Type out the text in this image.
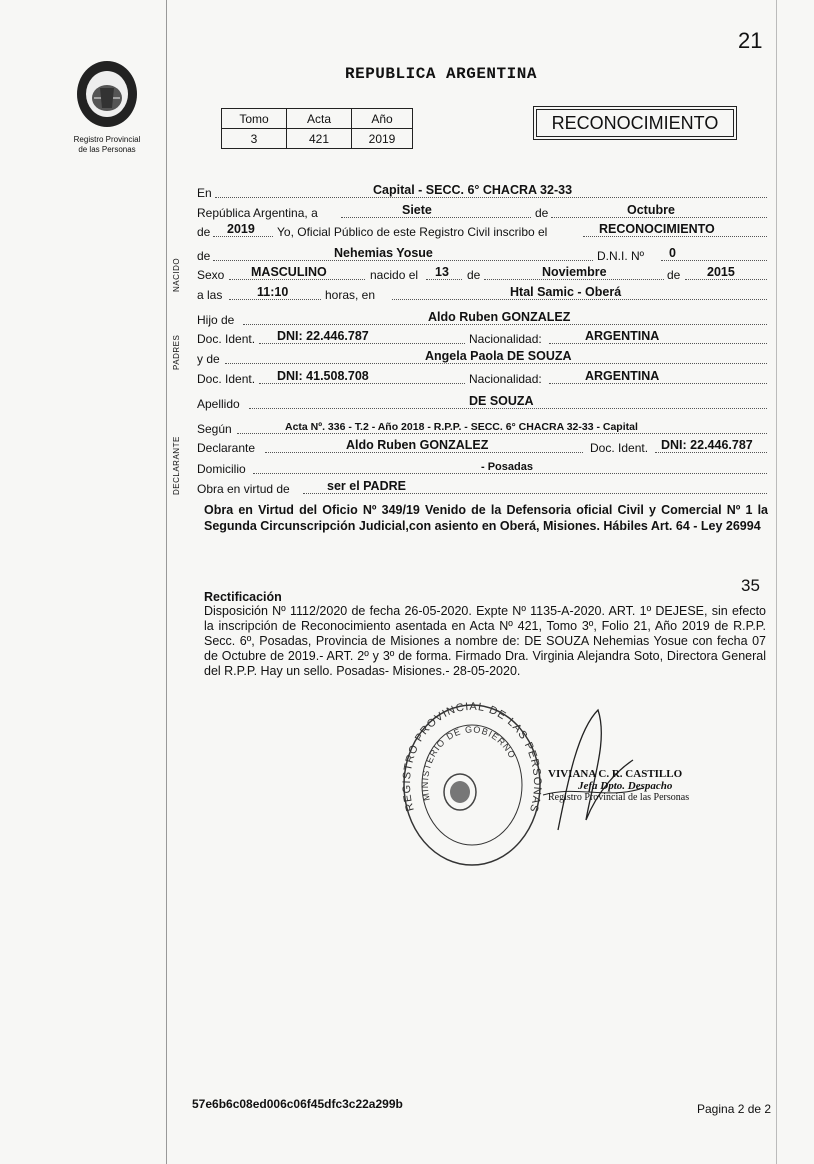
21
Registro Provincial
de las Personas
REPUBLICA ARGENTINA
Tomo	Acta	Año
3	421	2019
RECONOCIMIENTO
NACIDO
PADRES
DECLARANTE
En	Capital - SECC. 6° CHACRA 32-33
República Argentina, a	Siete	de	Octubre
de 2019 Yo, Oficial Público de este Registro Civil inscribo el	RECONOCIMIENTO
de	Nehemias Yosue	D.N.I. Nº 0
Sexo MASCULINO	nacido el 13 de	Noviembre	de 2015
a las	11:10	horas, en	Htal Samic - Oberá
Hijo de	Aldo Ruben GONZALEZ
Doc. Ident. DNI: 22.446.787	Nacionalidad:	ARGENTINA
y de	Angela Paola DE SOUZA
Doc. Ident. DNI: 41.508.708	Nacionalidad:	ARGENTINA
Apellido	DE SOUZA
Según	Acta Nº. 336 - T.2 - Año 2018 - R.P.P. - SECC. 6° CHACRA 32-33 - Capital
Declarante	Aldo Ruben GONZALEZ	Doc. Ident. DNI: 22.446.787
Domicilio	- Posadas
Obra en virtud de	ser el PADRE
Obra en Virtud del Oficio Nº 349/19 Venido de la Defensoria oficial Civil y Comercial Nº 1 la Segunda Circunscripción Judicial,con asiento en Oberá, Misiones. Hábiles Art. 64 - Ley 26994
35
Rectificación
Disposición Nº 1112/2020 de fecha 26-05-2020. Expte Nº 1135-A-2020. ART. 1º DEJESE, sin efecto la inscripción de Reconocimiento asentada en Acta Nº 421, Tomo 3º, Folio 21, Año 2019 de R.P.P. Secc. 6º, Posadas, Provincia de Misiones a nombre de: DE SOUZA Nehemias Yosue con fecha 07 de Octubre de 2019.- ART. 2º y 3º de forma. Firmado Dra. Virginia Alejandra Soto, Directora General del R.P.P. Hay un sello. Posadas- Misiones.- 28-05-2020.
REGISTRO PROVINCIAL DE LAS PERSONAS
MINISTERIO DE GOBIERNO
VIVIANA C. R. CASTILLO
Jefa Dpto. Despacho
Registro Provincial de las Personas
57e6b6c08ed006c06f45dfc3c22a299b	Pagina 2 de 2
